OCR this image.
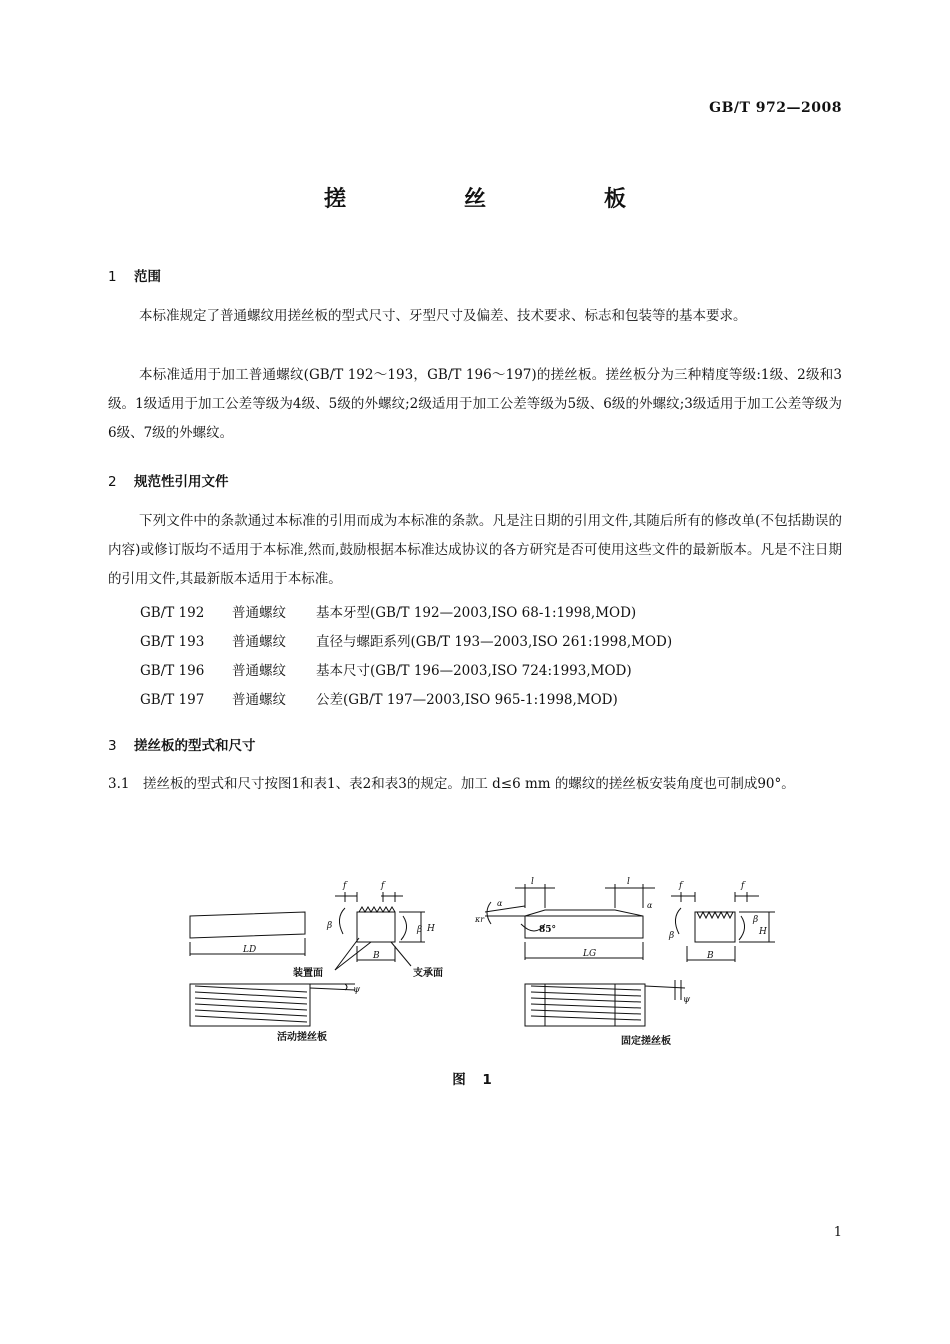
GB/T 972—2008
搓　丝　板
1 范围

本标准规定了普通螺纹用搓丝板的型式尺寸、牙型尺寸及偏差、技术要求、标志和包装等的基本要求。

本标准适用于加工普通螺纹(GB/T 192～193，GB/T 196～197)的搓丝板。搓丝板分为三种精度等级:1级、2级和3级。1级适用于加工公差等级为4级、5级的外螺纹;2级适用于加工公差等级为5级、6级的外螺纹;3级适用于加工公差等级为6级、7级的外螺纹。

2 规范性引用文件

下列文件中的条款通过本标准的引用而成为本标准的条款。凡是注日期的引用文件,其随后所有的修改单(不包括勘误的内容)或修订版均不适用于本标准,然而,鼓励根据本标准达成协议的各方研究是否可使用这些文件的最新版本。凡是不注日期的引用文件,其最新版本适用于本标准。

GB/T 192 普通螺纹 基本牙型(GB/T 192—2003,ISO 68-1:1998,MOD)
GB/T 193 普通螺纹 直径与螺距系列(GB/T 193—2003,ISO 261:1998,MOD)
GB/T 196 普通螺纹 基本尺寸(GB/T 196—2003,ISO 724:1993,MOD)
GB/T 197 普通螺纹 公差(GB/T 197—2003,ISO 965-1:1998,MOD)
3 搓丝板的型式和尺寸

3.1　搓丝板的型式和尺寸按图1和表1、表2和表3的规定。加工 d≤6 mm 的螺纹的搓丝板安装角度也可制成90°。

LD
f	f
β	β H
B
装置面	支承面
ψ
活动搓丝板
l	l
α	α
κr
85°
LG
f	f
β
β
H
B
ψ
固定搓丝板
图 1
1
